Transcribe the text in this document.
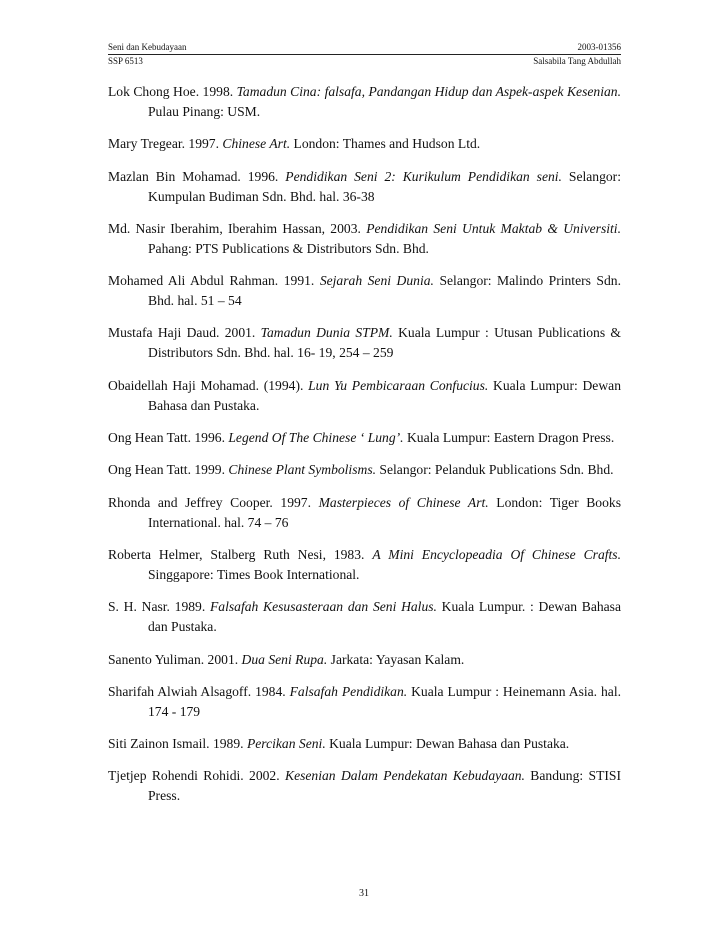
Seni dan Kebudayaan	2003-01356
SSP 6513	Salsabila Tang Abdullah

Lok Chong Hoe. 1998. Tamadun Cina: falsafa, Pandangan Hidup dan Aspek-aspek Kesenian. Pulau Pinang: USM.

Mary Tregear. 1997. Chinese Art. London: Thames and Hudson Ltd.

Mazlan Bin Mohamad. 1996. Pendidikan Seni 2: Kurikulum Pendidikan seni. Selangor: Kumpulan Budiman Sdn. Bhd. hal. 36-38

Md. Nasir Iberahim, Iberahim Hassan, 2003. Pendidikan Seni Untuk Maktab & Universiti. Pahang: PTS Publications & Distributors Sdn. Bhd.

Mohamed Ali Abdul Rahman. 1991. Sejarah Seni Dunia. Selangor: Malindo Printers Sdn. Bhd. hal. 51 – 54

Mustafa Haji Daud. 2001. Tamadun Dunia STPM. Kuala Lumpur : Utusan Publications & Distributors Sdn. Bhd. hal. 16- 19, 254 – 259

Obaidellah Haji Mohamad. (1994). Lun Yu Pembicaraan Confucius. Kuala Lumpur: Dewan Bahasa dan Pustaka.

Ong Hean Tatt. 1996. Legend Of The Chinese ‘ Lung’. Kuala Lumpur: Eastern Dragon Press.

Ong Hean Tatt. 1999. Chinese Plant Symbolisms. Selangor: Pelanduk Publications Sdn. Bhd.

Rhonda and Jeffrey Cooper. 1997. Masterpieces of Chinese Art. London: Tiger Books International. hal. 74 – 76

Roberta Helmer, Stalberg Ruth Nesi, 1983. A Mini Encyclopeadia Of Chinese Crafts. Singgapore: Times Book International.

S. H. Nasr. 1989. Falsafah Kesusasteraan dan Seni Halus. Kuala Lumpur. : Dewan Bahasa dan Pustaka.

Sanento Yuliman. 2001. Dua Seni Rupa. Jarkata: Yayasan Kalam.

Sharifah Alwiah Alsagoff. 1984. Falsafah Pendidikan. Kuala Lumpur : Heinemann Asia. hal. 174 - 179

Siti Zainon Ismail. 1989. Percikan Seni. Kuala Lumpur: Dewan Bahasa dan Pustaka.

Tjetjep Rohendi Rohidi. 2002. Kesenian Dalam Pendekatan Kebudayaan. Bandung: STISI Press.

31
